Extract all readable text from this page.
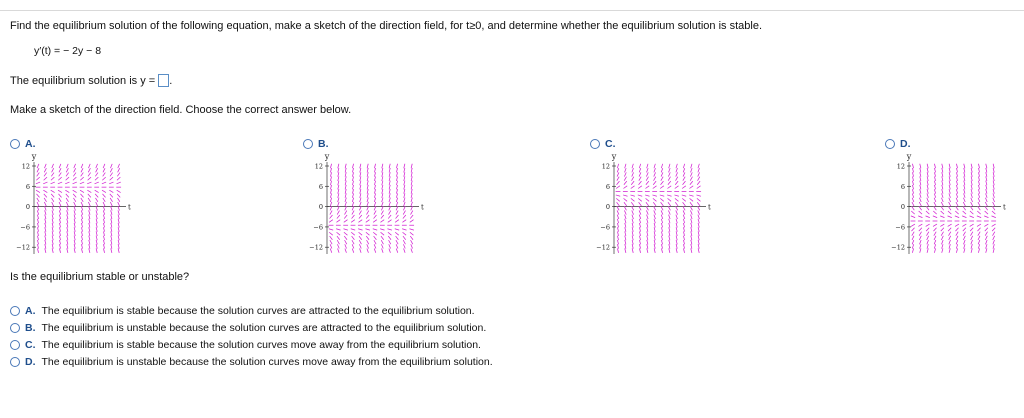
Find the equilibrium solution of the following equation, make a sketch of the direction field, for t≥0, and determine whether the equilibrium solution is stable.
y′(t) = − 2y − 8
The equilibrium solution is y = .
Make a sketch of the direction field. Choose the correct answer below.
A.
y
t
12
6
0
−6
−12
B.
y
t
12
6
0
−6
−12
C.
y
t
12
6
0
−6
−12
D.
y
t
12
6
0
−6
−12
Is the equilibrium stable or unstable?
A. The equilibrium is stable because the solution curves are attracted to the equilibrium solution.
B. The equilibrium is unstable because the solution curves are attracted to the equilibrium solution.
C. The equilibrium is stable because the solution curves move away from the equilibrium solution.
D. The equilibrium is unstable because the solution curves move away from the equilibrium solution.
